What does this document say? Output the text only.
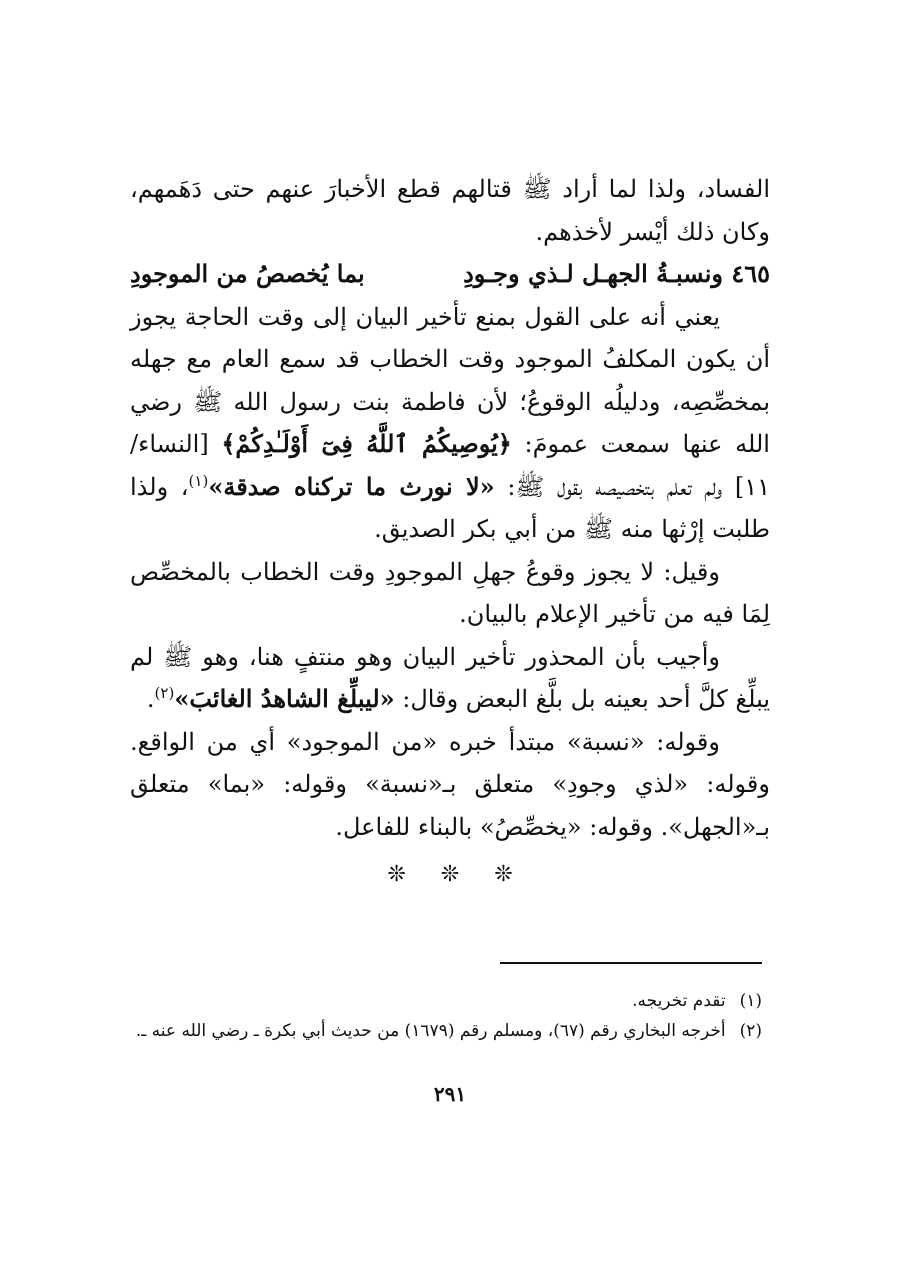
الفساد، ولذا لما أراد ﷺ قتالهم قطع الأخبارَ عنهم حتى دَهَمهم، وكان ذلك أيْسر لأخذهم.

٤٦٥ ونسبـةُ الجهـل لـذي وجـودِ
بما يُخصصُ من الموجودِ

يعني أنه على القول بمنع تأخير البيان إلى وقت الحاجة يجوز أن يكون المكلفُ الموجود وقت الخطاب قد سمع العام مع جهله بمخصِّصِه، ودليلُه الوقوعُ؛ لأن فاطمة بنت رسول الله ﷺ رضي الله عنها سمعت عمومَ: ﴿يُوصِيكُمُ ٱللَّهُ فِىٓ أَوْلَـٰدِكُمْ﴾ [النساء/ ١١] ولم تعلم بتخصيصه بقول ﷺ: «لا نورث ما تركناه صدقة»$^{(١)}$، ولذا طلبت إرْثها منه ﷺ من أبي بكر الصديق.

وقيل: لا يجوز وقوعُ جهلِ الموجودِ وقت الخطاب بالمخصِّص لِمَا فيه من تأخير الإعلام بالبيان.

وأجيب بأن المحذور تأخير البيان وهو منتفٍ هنا، وهو ﷺ لم يبلِّغ كلَّ أحد بعينه بل بلَّغ البعض وقال: «ليبلِّغ الشاهدُ الغائبَ»$^{(٢)}$.

وقوله: «نسبة» مبتدأ خبره «من الموجود» أي من الواقع. وقوله: «لذي وجودِ» متعلق بـ«نسبة» وقوله: «بما» متعلق بـ«الجهل». وقوله: «يخصِّصُ» بالبناء للفاعل.

❊ ❊ ❊
(١)
تقدم تخريجه.
(٢)
أخرجه البخاري رقم (٦٧)، ومسلم رقم (١٦٧٩) من حديث أبي بكرة ـ رضي الله عنه ـ.
٢٩١
